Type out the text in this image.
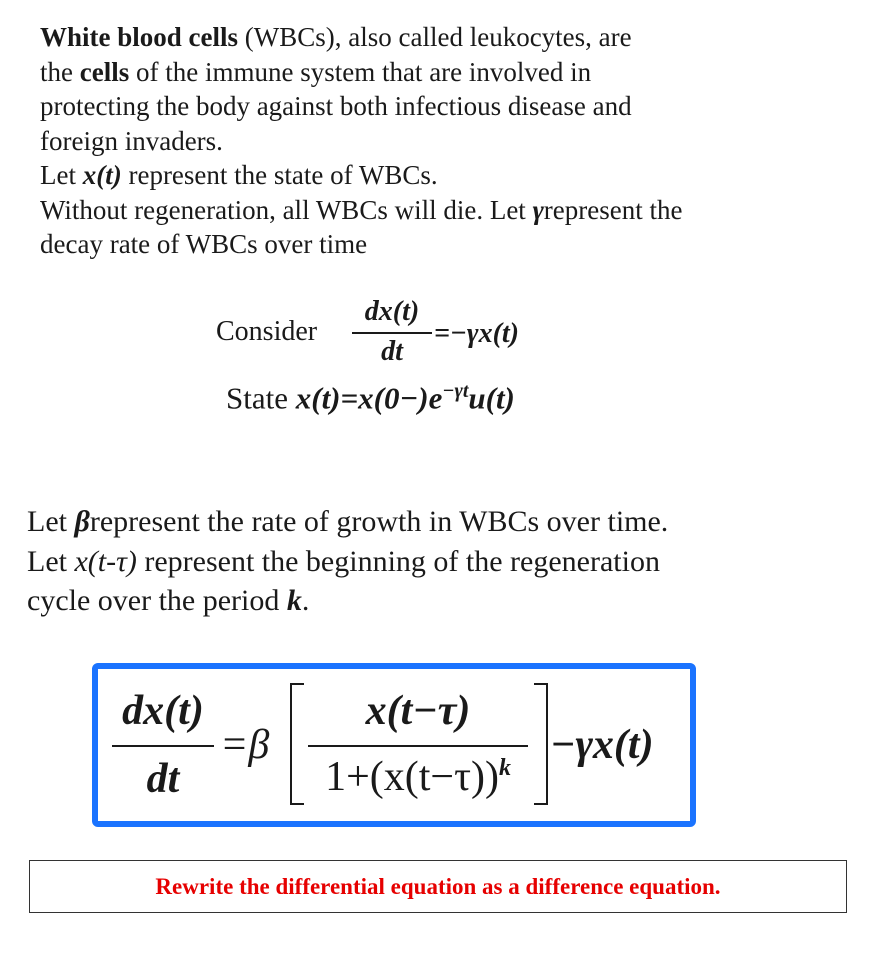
White blood cells (WBCs), also called leukocytes, are
the cells of the immune system that are involved in
protecting the body against both infectious disease and
foreign invaders.
Let x(t) represent the state of WBCs.
Without regeneration, all WBCs will die. Let γrepresent the
decay rate of WBCs over time
Consider
dx(t)
dt
=−γx(t)
State $x(t)=x(0-)e^{-\gamma t}u(t)$
Let βrepresent the rate of growth in WBCs over time.
Let x(t-τ) represent the beginning of the regeneration
cycle over the period k.
dx(t)
dt
=β
x(t−τ)
$1+(x(t-\tau))^k -\gamma x(t)$
Rewrite the differential equation as a difference equation.
